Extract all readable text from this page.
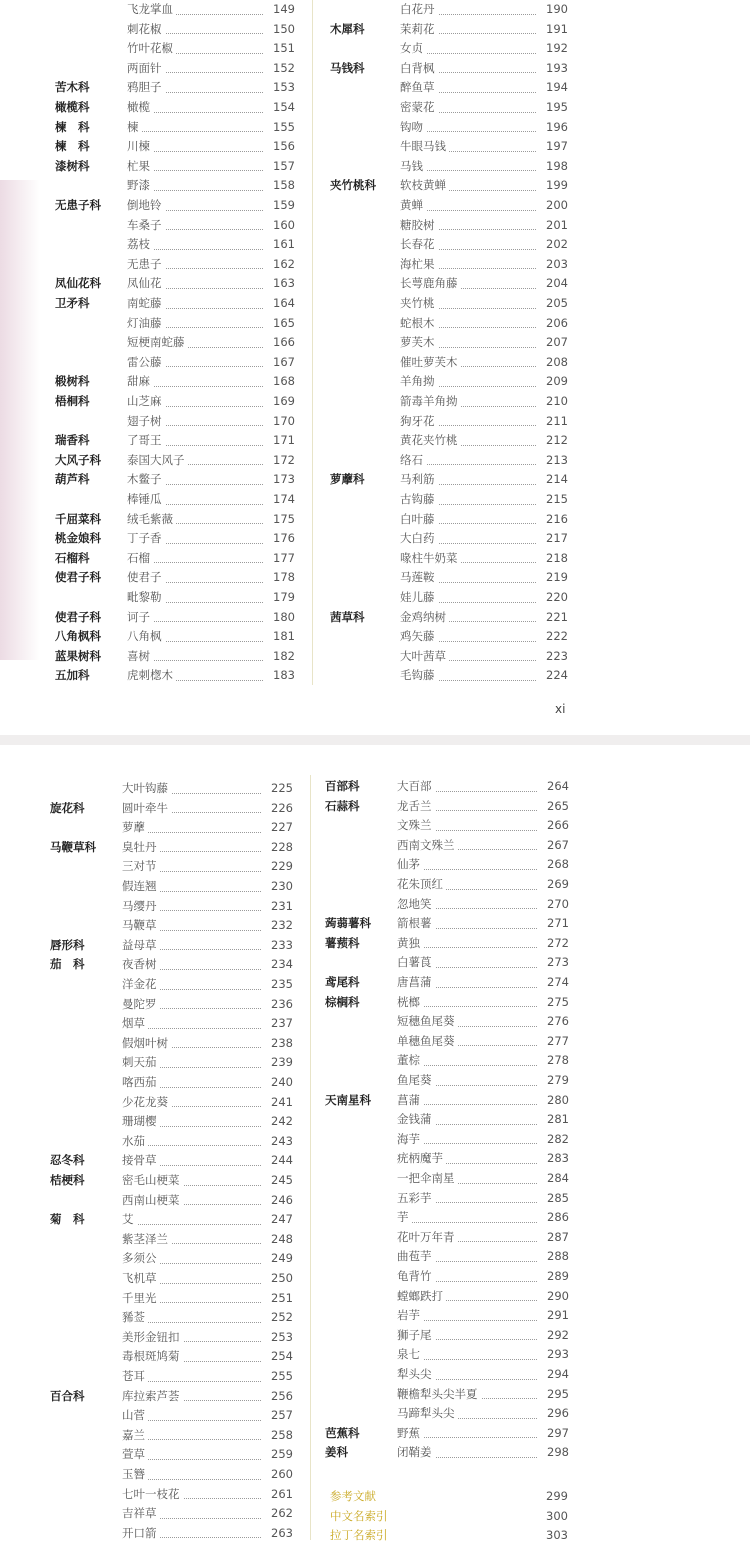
飞龙掌血	149
刺花椒	150
竹叶花椒	151
两面针	152
苦木科	鸦胆子	153
橄榄科	橄榄	154
楝　科	楝	155
楝　科	川楝	156
漆树科	杧果	157
野漆	158
无患子科 倒地铃	159
车桑子	160
荔枝	161
无患子	162
凤仙花科 凤仙花	163
卫矛科	南蛇藤	164
灯油藤	165
短梗南蛇藤	166
雷公藤	167
椴树科	甜麻	168
梧桐科	山芝麻	169
翅子树	170
瑞香科	了哥王	171
大风子科 泰国大风子	172
葫芦科	木鳖子	173
棒锤瓜	174
千屈菜科 绒毛紫薇	175
桃金娘科 丁子香	176
石榴科	石榴	177
使君子科 使君子	178
毗黎勒	179
使君子科 诃子	180
八角枫科 八角枫	181
蓝果树科 喜树	182
五加科	虎刺楤木	183
白花丹	190
木犀科	茉莉花	191
女贞	192
马钱科	白背枫	193
醉鱼草	194
密蒙花	195
钩吻	196
牛眼马钱	197
马钱	198
夹竹桃科 软枝黄蝉	199
黄蝉	200
糖胶树	201
长春花	202
海杧果	203
长萼鹿角藤	204
夹竹桃	205
蛇根木	206
萝芙木	207
催吐萝芙木	208
羊角拗	209
箭毒羊角拗	210
狗牙花	211
黄花夹竹桃	212
络石	213
萝藦科	马利筋	214
古钩藤	215
白叶藤	216
大白药	217
喙柱牛奶菜	218
马莲鞍	219
娃儿藤	220
茜草科	金鸡纳树	221
鸡矢藤	222
大叶茜草	223
毛钩藤	224
xi
大叶钩藤	225
旋花科	圆叶牵牛	226
萝藦	227
马鞭草科 臭牡丹	228
三对节	229
假连翘	230
马缨丹	231
马鞭草	232
唇形科	益母草	233
茄　科	夜香树	234
洋金花	235
曼陀罗	236
烟草	237
假烟叶树	238
刺天茄	239
喀西茄	240
少花龙葵	241
珊瑚樱	242
水茄	243
忍冬科	接骨草	244
桔梗科	密毛山梗菜	245
西南山梗菜	246
菊　科	艾	247
紫茎泽兰	248
多须公	249
飞机草	250
千里光	251
豨莶	252
美形金钮扣	253
毒根斑鸠菊	254
苍耳	255
百合科	库拉索芦荟	256
山菅	257
嘉兰	258
萱草	259
玉簪	260
七叶一枝花	261
吉祥草	262
开口箭	263
百部科	大百部	264
石蒜科	龙舌兰	265
文殊兰	266
西南文殊兰	267
仙茅	268
花朱顶红	269
忽地笑	270
蒟蒻薯科 箭根薯	271
薯蓣科	黄独	272
白薯莨	273
鸢尾科	唐菖蒲	274
棕榈科	桄榔	275
短穗鱼尾葵	276
单穗鱼尾葵	277
董棕	278
鱼尾葵	279
天南星科 菖蒲	280
金钱蒲	281
海芋	282
疣柄魔芋	283
一把伞南星	284
五彩芋	285
芋	286
花叶万年青	287
曲苞芋	288
龟背竹	289
螳螂跌打	290
岩芋	291
狮子尾	292
泉七	293
犁头尖	294
鞭檐犁头尖半夏	295
马蹄犁头尖	296
芭蕉科	野蕉	297
姜科	闭鞘姜	298
参考文献	299
中文名索引	300
拉丁名索引	303
